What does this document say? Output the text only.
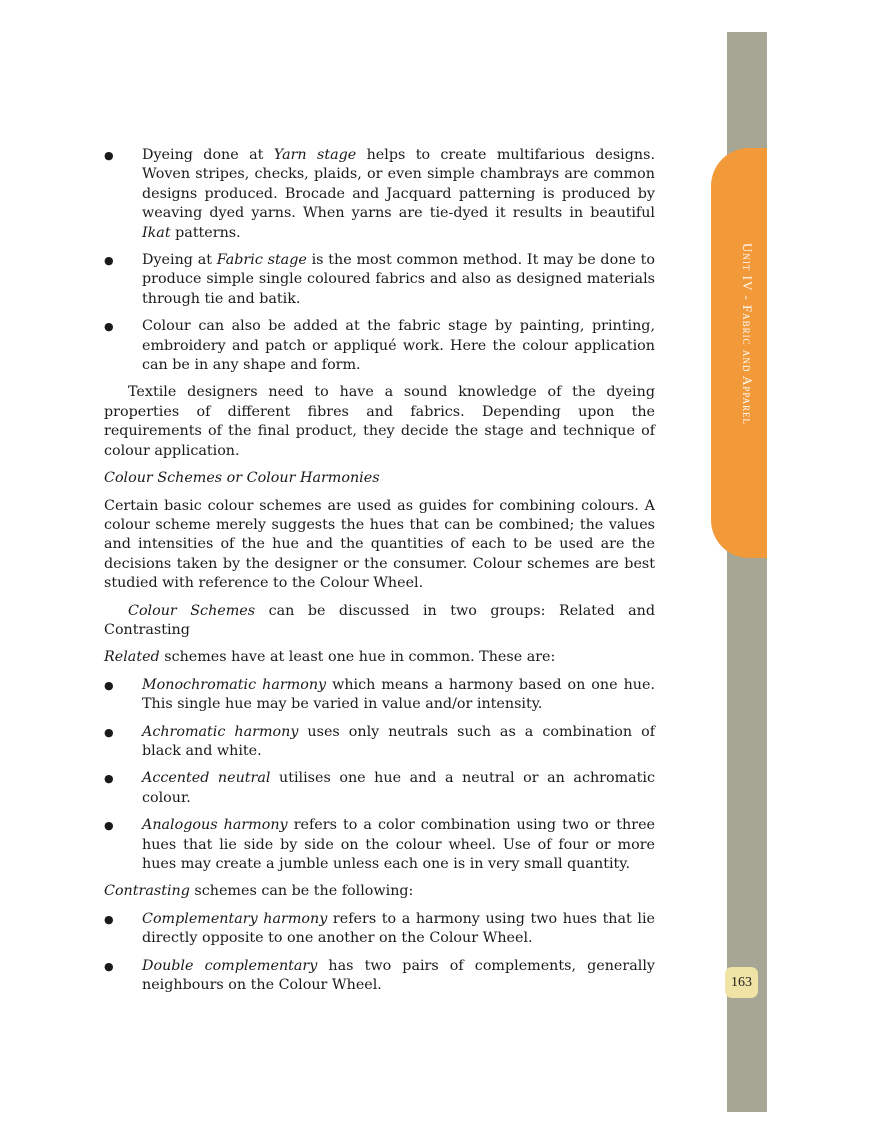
Unit IV - Fabric and Apparel
163
● Dyeing done at Yarn stage helps to create multifarious designs. Woven stripes, checks, plaids, or even simple chambrays are common designs produced. Brocade and Jacquard patterning is produced by weaving dyed yarns. When yarns are tie-dyed it results in beautiful Ikat patterns.
● Dyeing at Fabric stage is the most common method. It may be done to produce simple single coloured fabrics and also as designed materials through tie and batik.
● Colour can also be added at the fabric stage by painting, printing, embroidery and patch or appliqué work. Here the colour application can be in any shape and form.

Textile designers need to have a sound knowledge of the dyeing properties of different fibres and fabrics. Depending upon the requirements of the final product, they decide the stage and technique of colour application.

Colour Schemes or Colour Harmonies

Certain basic colour schemes are used as guides for combining colours. A colour scheme merely suggests the hues that can be combined; the values and intensities of the hue and the quantities of each to be used are the decisions taken by the designer or the consumer. Colour schemes are best studied with reference to the Colour Wheel.

Colour Schemes can be discussed in two groups: Related and Contrasting

Related schemes have at least one hue in common. These are:

● Monochromatic harmony which means a harmony based on one hue. This single hue may be varied in value and/or intensity.
● Achromatic harmony uses only neutrals such as a combination of black and white.
● Accented neutral utilises one hue and a neutral or an achromatic colour.
● Analogous harmony refers to a color combination using two or three hues that lie side by side on the colour wheel. Use of four or more hues may create a jumble unless each one is in very small quantity.

Contrasting schemes can be the following:

● Complementary harmony refers to a harmony using two hues that lie directly opposite to one another on the Colour Wheel.
● Double complementary has two pairs of complements, generally neighbours on the Colour Wheel.
